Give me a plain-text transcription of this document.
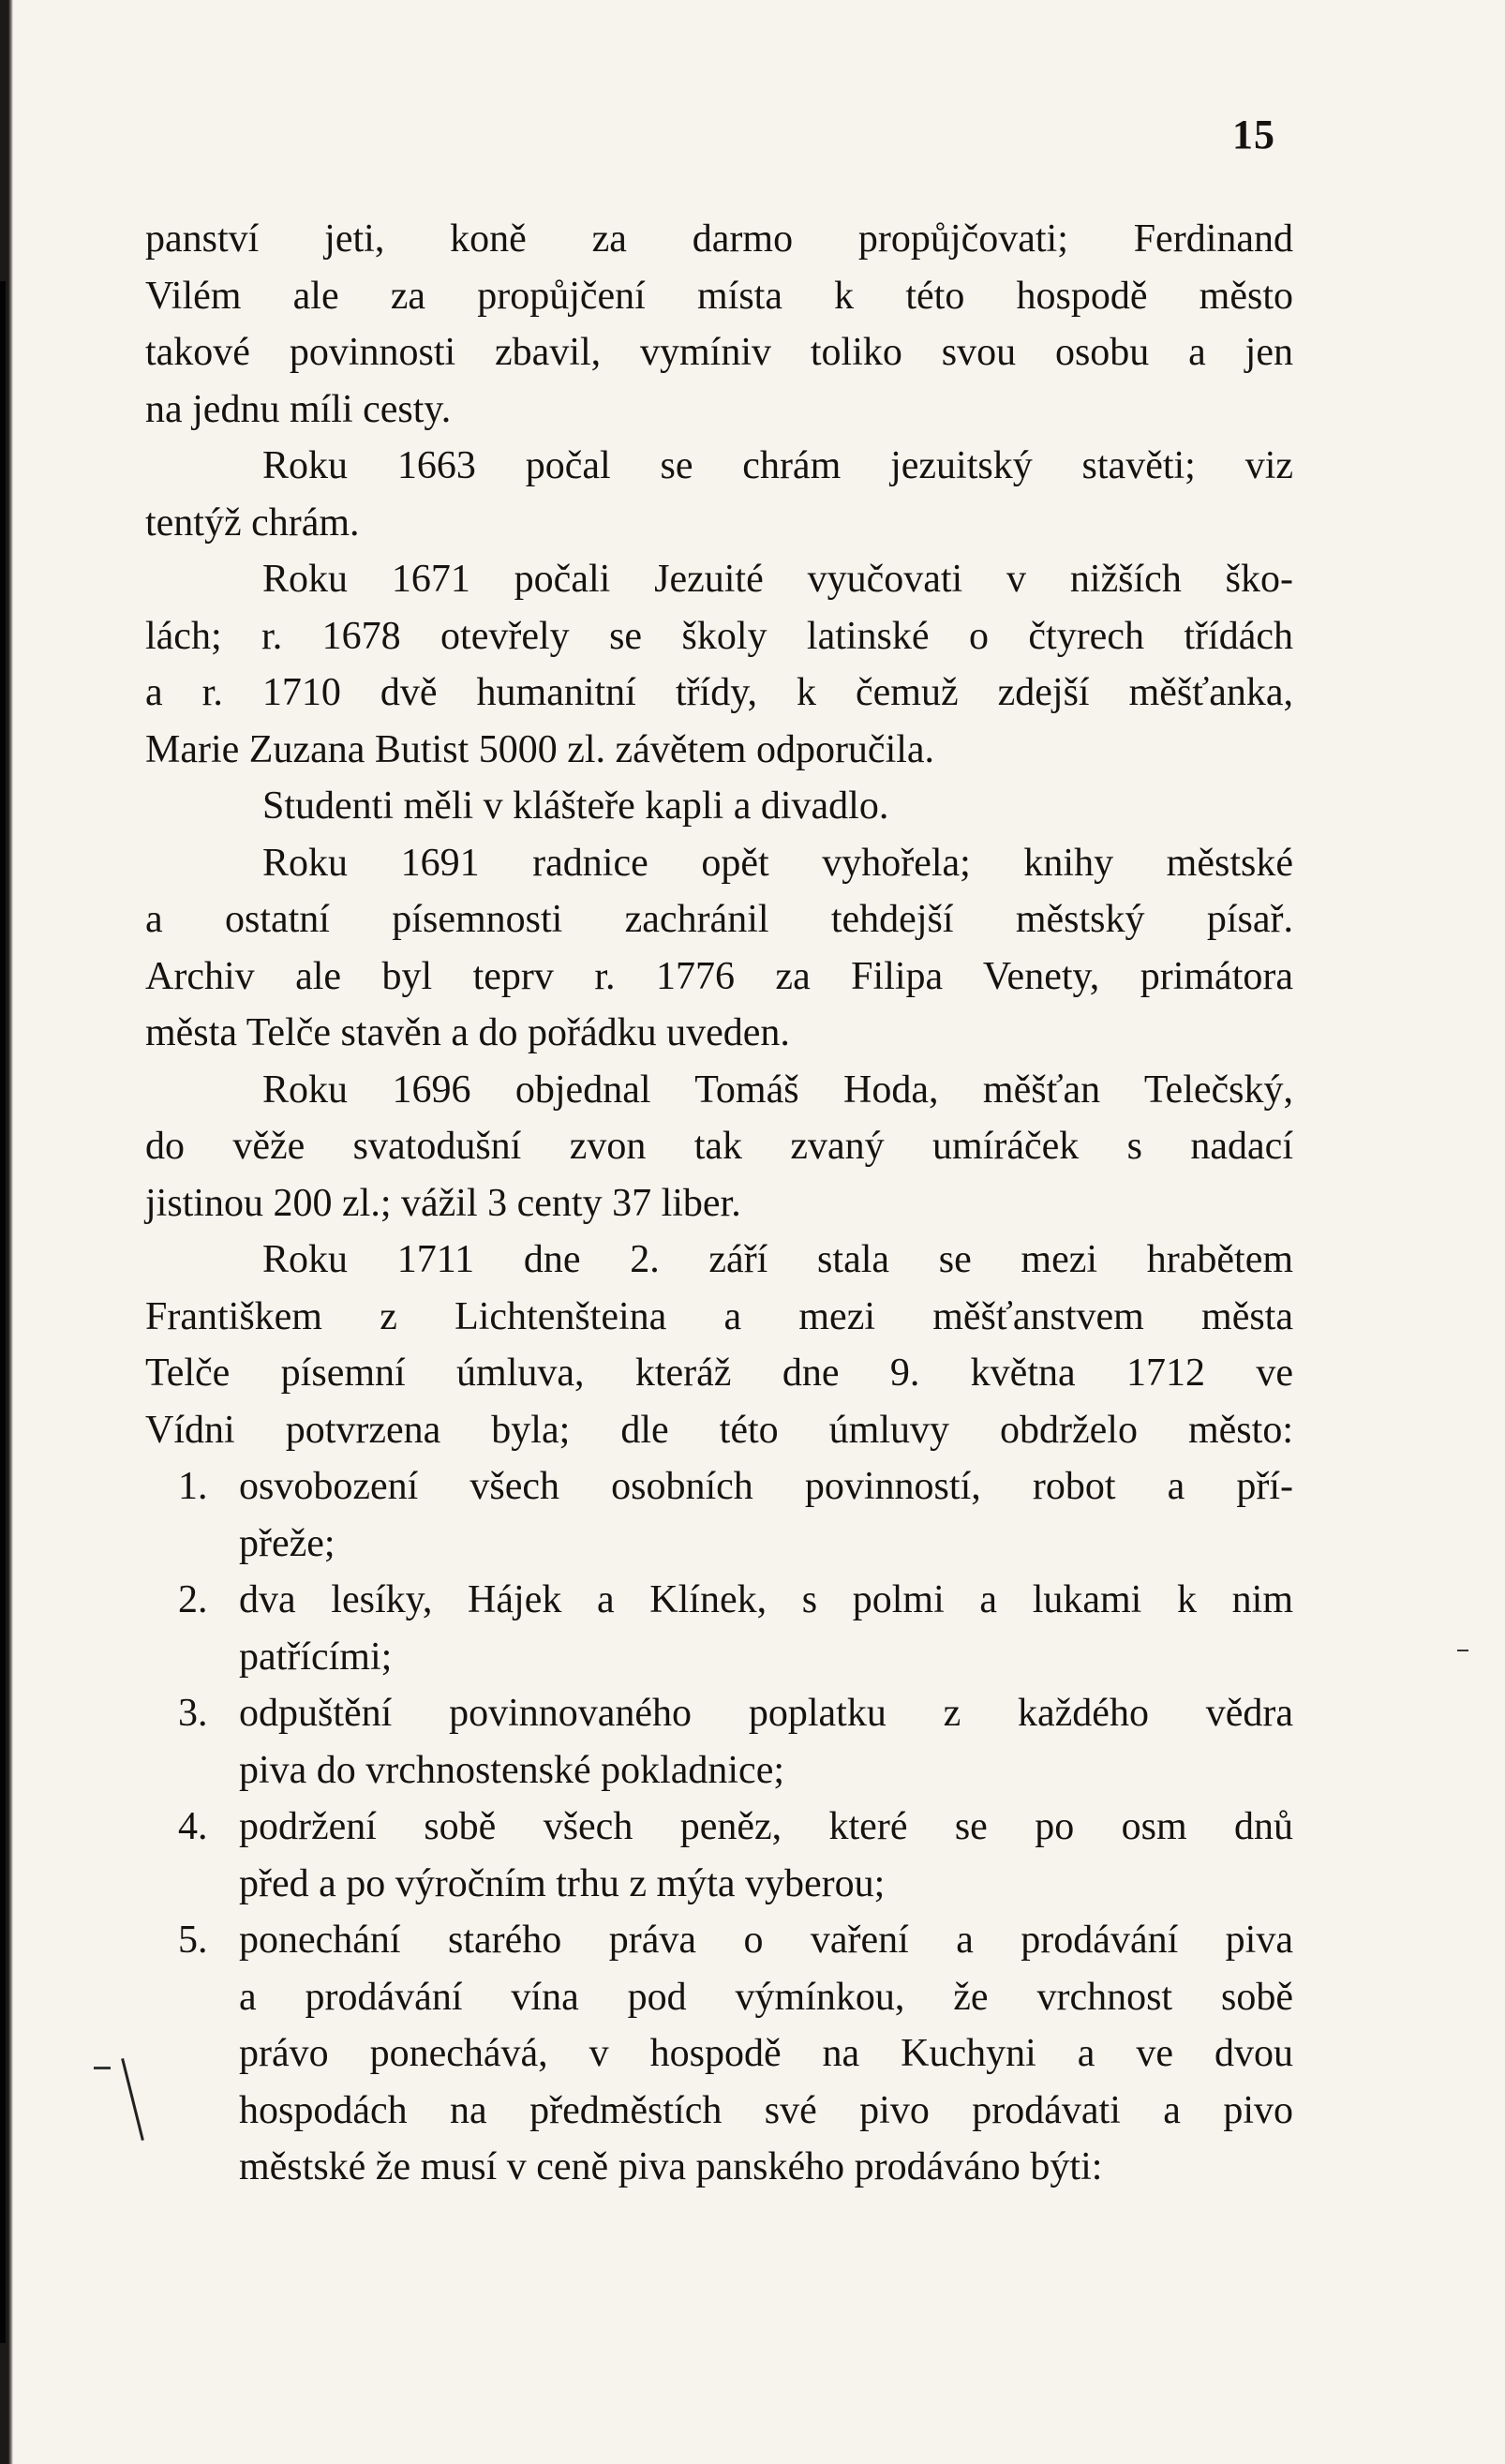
15
panství jeti, koně za darmo propůjčovati; Ferdinand
Vilém ale za propůjčení místa k této hospodě město
takové povinnosti zbavil, vymíniv toliko svou osobu a jen
na jednu míli cesty.
Roku 1663 počal se chrám jezuitský stavěti; viz
tentýž chrám.
Roku 1671 počali Jezuité vyučovati v nižších ško-
lách; r. 1678 otevřely se školy latinské o čtyrech třídách
a r. 1710 dvě humanitní třídy, k čemuž zdejší měšťanka,
Marie Zuzana Butist 5000 zl. závětem odporučila.
Studenti měli v klášteře kapli a divadlo.
Roku 1691 radnice opět vyhořela; knihy městské
a ostatní písemnosti zachránil tehdejší městský písař.
Archiv ale byl teprv r. 1776 za Filipa Venety, primátora
města Telče stavěn a do pořádku uveden.
Roku 1696 objednal Tomáš Hoda, měšťan Telečský,
do věže svatodušní zvon tak zvaný umíráček s nadací
jistinou 200 zl.; vážil 3 centy 37 liber.
Roku 1711 dne 2. září stala se mezi hrabětem
Františkem z Lichtenšteina a mezi měšťanstvem města
Telče písemní úmluva, kteráž dne 9. května 1712 ve
Vídni potvrzena byla; dle této úmluvy obdrželo město:
1. osvobození všech osobních povinností, robot a pří-
přeže;
2. dva lesíky, Hájek a Klínek, s polmi a lukami k nim
patřícími;
3. odpuštění povinnovaného poplatku z každého vědra
piva do vrchnostenské pokladnice;
4. podržení sobě všech peněz, které se po osm dnů
před a po výročním trhu z mýta vyberou;
5. ponechání starého práva o vaření a prodávání piva
a prodávání vína pod výmínkou, že vrchnost sobě
právo ponechává, v hospodě na Kuchyni a ve dvou
hospodách na předměstích své pivo prodávati a pivo
městské že musí v ceně piva panského prodáváno býti:
